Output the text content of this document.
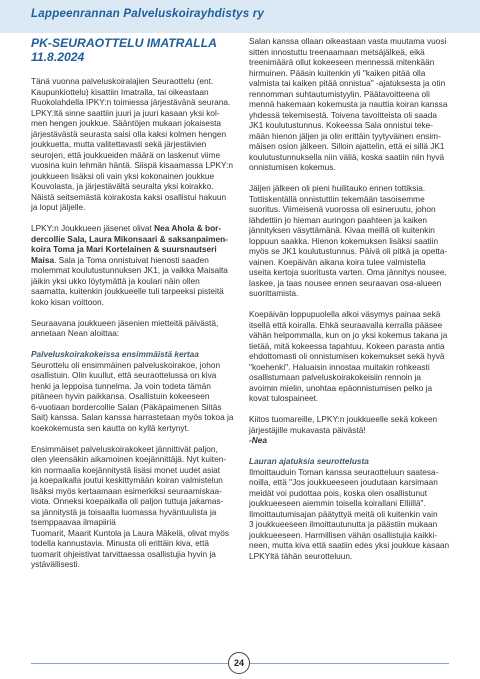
Lappeenrannan Palveluskoirayhdistys ry
PK-SEURAOTTELU IMATRALLA
11.8.2024

Tänä vuonna palveluskoiralajien Seuraottelu (ent.
Kaupunkiottelu) kisattiin Imatralla, tai oikeastaan
Ruokolahdella IPKY:n toimiessa järjestävänä seurana.
LPKY:ltä sinne saattiin juuri ja juuri kasaan yksi kol-
men hengen joukkue. Sääntöjen mukaan jokaisesta
järjestävästä seurasta saisi olla kaksi kolmen hengen
joukkuetta, mutta valitettavasti sekä järjestävien
seurojen, että joukkueiden määrä on laskenut viime
vuosina kuin lehmän häntä. Siispä kisaamassa LPKY:n
joukkueen lisäksi oli vain yksi kokonainen joukkue
Kouvolasta, ja järjestävältä seuralta yksi koirakko.
Näistä seitsemästä koirakosta kaksi osallistui hakuun
ja loput jäljelle.

LPKY:n Joukkueen jäsenet olivat Nea Ahola & bor-
dercollie Sala, Laura Mikonsaari & saksanpaimen-
koira Toma ja Mari Kortelainen & suursnautseri
Maisa. Sala ja Toma onnistuivat hienosti saaden
molemmat koulutustunnuksen JK1, ja valkka Maisalta
jäikin yksi ukko löytymättä ja koulari näin ollen
saamatta, kuitenkin joukkueelle tuli tarpeeksi pisteitä
koko kisan voittoon.

Seuraavana joukkueen jäsenien mietteitä päivästä,
annetaan Nean aloittaa:

Palveluskoirakokeissa ensimmäistä kertaa

Seurottelu oli ensimmäinen palveluskoirakoe, johon
osallistuin. Olin kuullut, että seuraottelussa on kiva
henki ja leppoisa tunnelma. Ja voin todeta tämän
pitäneen hyvin paikkansa. Osallistuin kokeeseen
6-vuotiaan bordercollie Salan (Päkäpaimenen Siitäs
Sait) kanssa. Salan kanssa harrastetaan myös tokoa ja
koekokemusta sen kautta on kyllä kertynyt.

Ensimmäiset palveluskoirakokeet jännittivät paljon,
olen yleensäkin aikamoinen koejännittäjä. Nyt kuiten-
kin normaalia koejännitystä lisäsi monet uudet asiat
ja koepaikalla joutui keskittymään koiran valmistelun
lisäksi myös kertaamaan esimerkiksi seuraamiskaa-
viota. Onneksi koepaikalla oli paljon tuttuja jakamas-
sa jännitystä ja toisaalta luomassa hyväntuulista ja
tsemppaavaa ilmapiiriä
Tuomarit, Maarit Kuntola ja Laura Mäkelä, olivat myös
todella kannustavia. Minusta oli erittäin kiva, että
tuomarit ohjeistivat tarvittaessa osallistujia hyvin ja
ystävällisesti.

Salan kanssa ollaan oikeastaan vasta muutama vuosi
sitten innostuttu treenaamaan metsäjälkeä, eikä
treenimäärä ollut kokeeseen mennessä mitenkään
hirmuinen. Pääsin kuitenkin yli "kaiken pitää olla
valmista tai kaiken pitää onnistua" -ajatuksesta ja otin
rennomman suhtautumistyylin. Päätavoitteena oli
mennä hakemaan kokemusta ja nauttia koiran kanssa
yhdessä tekemisestä. Toivena tavoitteista oli saada
JK1 koulutustunnus. Kokeessa Sala onnistui teke-
mään hienon jäljen ja olin erittäin tyytyväinen ensim-
mäisen osion jälkeen. Silloin ajattelin, että ei sillä JK1
koulutustunnuksella niin väliä, koska saatiin niin hyvä
onnistumisen kokemus.

Jäljen jälkeen oli pieni huilitauko ennen tottiksia.
Tottiskentällä onnistuttiin tekemään tasoisemme
suoritus. Viimeisenä vuorossa oli esineruutu, johon
lähdettiin jo hieman auringon paahteen ja kaiken
jännityksen väsyttämänä. Kivaa meillä oli kuitenkin
loppuun saakka. Hienon kokemuksen lisäksi saatiin
myös se JK1 koulutustunnus. Päivä oli pitkä ja opetta-
vainen. Koepäivän aikana koira tulee valmistella
useita kertoja suoritusta varten. Oma jännitys nousee,
laskee, ja taas nousee ennen seuraavan osa-alueen
suorittamista.

Koepäivän loppupuolella alkoi väsymys painaa sekä
itsellä että koiralla. Ehkä seuraavalla kerralla pääsee
vähän helpommalla, kun on jo yksi kokemus takana ja
tietää, mitä kokeessa tapahtuu. Kokeen parasta antia
ehdottomasti oli onnistumisen kokemukset sekä hyvä
"koehenki". Haluaisin innostaa muitakin rohkeasti
osallistumaan palveluskoirakokeisiin rennoin ja
avoimin mielin, unohtaa epäonnistumisen pelko ja
kovat tulospaineet.

Kiitos tuomareille, LPKY:n joukkueelle sekä kokeen
järjestäjille mukavasta päivästä!
-Nea

Lauran ajatuksia seurottelusta

Ilmoittauduin Toman kanssa seuraotteluun saatesa-
noilla, että "Jos joukkueeseen joudutaan karsimaan
meidät voi pudottaa pois, koska olen osallistunut
joukkueeseen aiemmin toisella koirallani Elliillä".
Ilmoittautumisajan päätyttyä meitä oli kuitenkin vain
3 joukkueeseen ilmoittautunutta ja päästiin mukaan
joukkueeseen. Harmillisen vähän osallistujia kaikki-
neen, mutta kiva että saatiin edes yksi joukkue kasaan
LPKYltä tähän seurotteluun.

24
